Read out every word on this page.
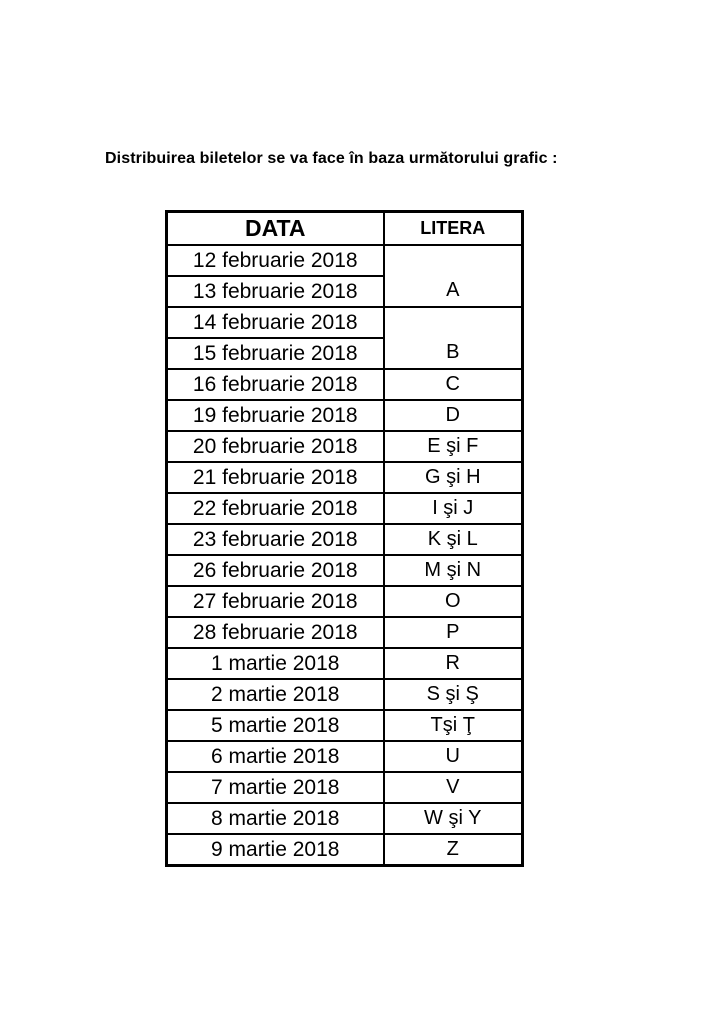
Distribuirea biletelor se va face în baza următorului grafic :
DATA	LITERA
12 februarie 2018	A
13 februarie 2018	
14 februarie 2018	B
15 februarie 2018	
16 februarie 2018	C
19 februarie 2018	D
20 februarie 2018	E şi F
21 februarie 2018	G şi H
22 februarie 2018	I şi J
23 februarie 2018	K şi L
26 februarie 2018	M şi N
27 februarie 2018	O
28 februarie 2018	P
1 martie 2018	R
2 martie 2018	S şi Ş
5 martie 2018	Tşi Ţ
6 martie 2018	U
7 martie 2018	V
8 martie 2018	W şi Y
9 martie 2018	Z
